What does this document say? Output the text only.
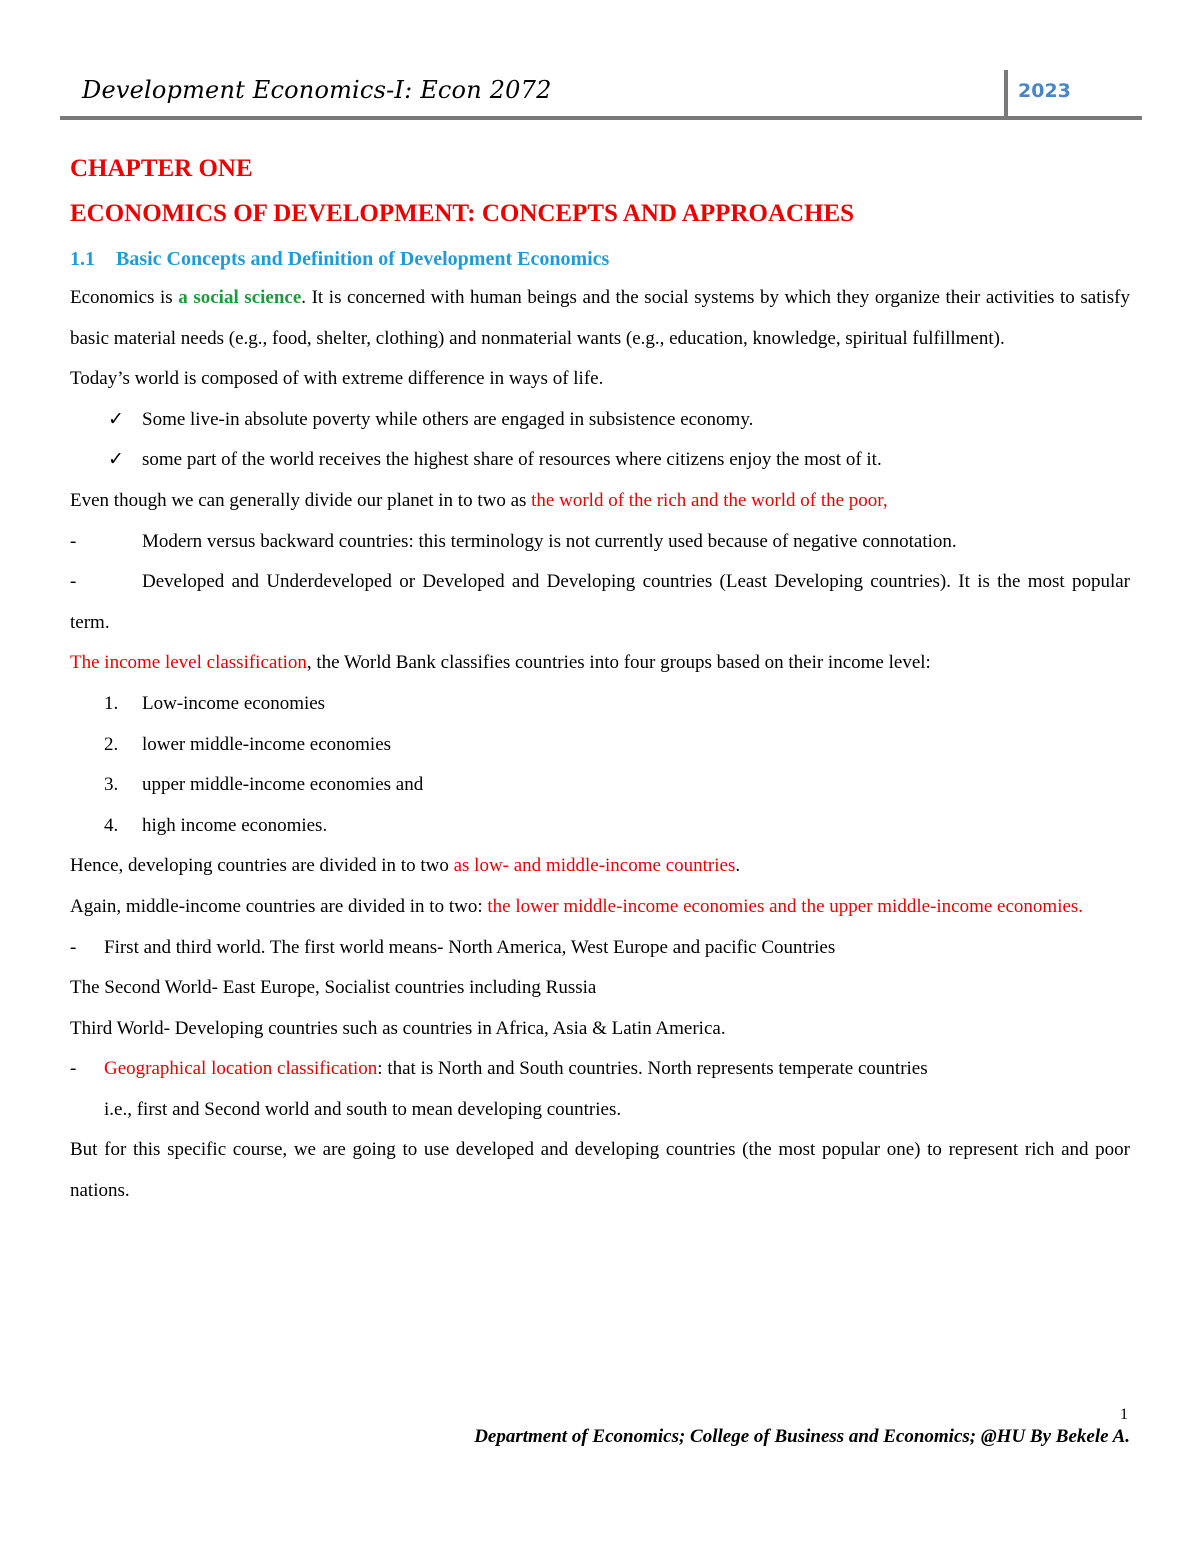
Development Economics-I: Econ 2072	2023
CHAPTER ONE
ECONOMICS OF DEVELOPMENT: CONCEPTS AND APPROACHES
1.1 Basic Concepts and Definition of Development Economics

Economics is a social science. It is concerned with human beings and the social systems by which they organize their activities to satisfy basic material needs (e.g., food, shelter, clothing) and nonmaterial wants (e.g., education, knowledge, spiritual fulfillment).

Today’s world is composed of with extreme difference in ways of life.

✓ Some live-in absolute poverty while others are engaged in subsistence economy.

✓ some part of the world receives the highest share of resources where citizens enjoy the most of it.

Even though we can generally divide our planet in to two as the world of the rich and the world of the poor,

-	Modern versus backward countries: this terminology is not currently used because of negative connotation.

-	Developed and Underdeveloped or Developed and Developing countries (Least Developing countries). It is the most popular term.

The income level classification, the World Bank classifies countries into four groups based on their income level:

1. Low-income economies

2. lower middle-income economies

3. upper middle-income economies and

4. high income economies.

Hence, developing countries are divided in to two as low- and middle-income countries.

Again, middle-income countries are divided in to two: the lower middle-income economies and the upper middle-income economies.

- First and third world. The first world means- North America, West Europe and pacific Countries

The Second World- East Europe, Socialist countries including Russia

Third World- Developing countries such as countries in Africa, Asia & Latin America.

- Geographical location classification: that is North and South countries. North represents temperate countries

i.e., first and Second world and south to mean developing countries.

But for this specific course, we are going to use developed and developing countries (the most popular one) to represent rich and poor nations.

1
Department of Economics; College of Business and Economics; @HU By Bekele A.
